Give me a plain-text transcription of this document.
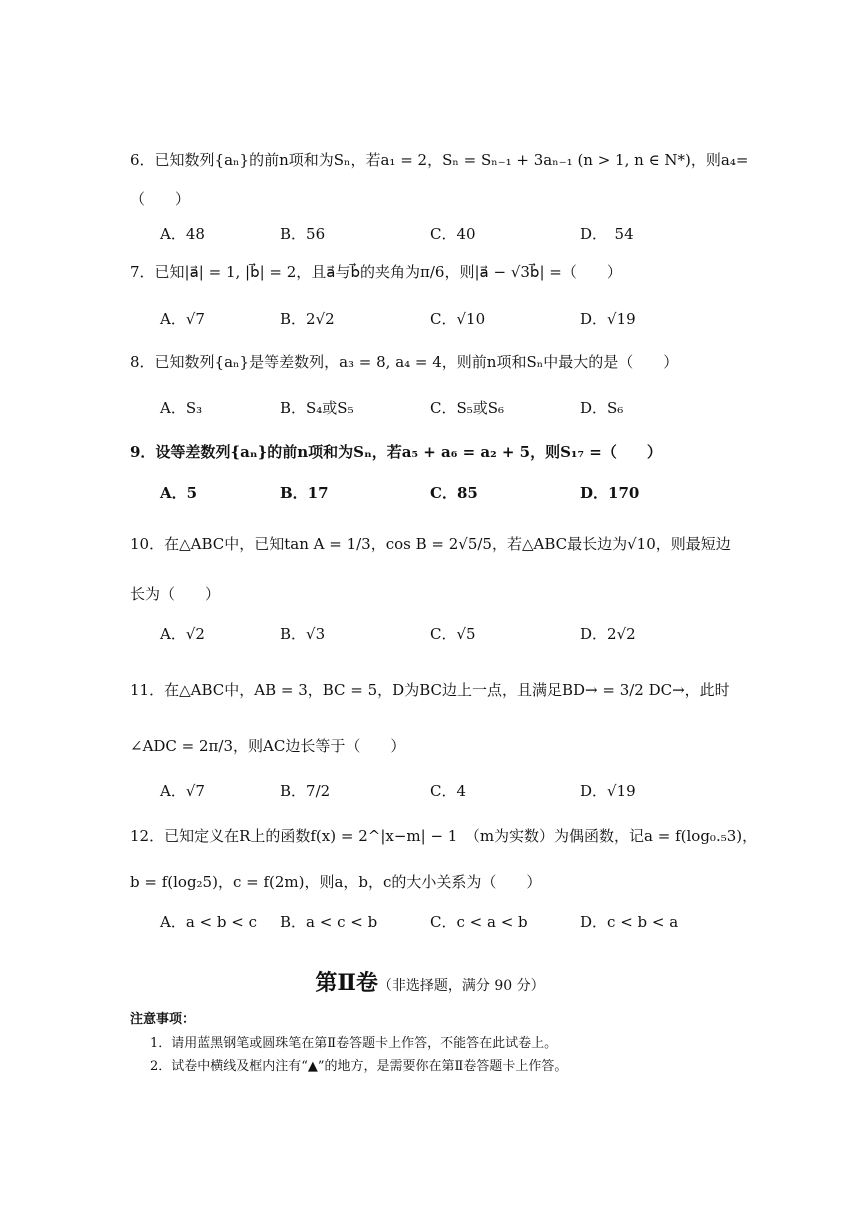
6．已知数列{aₙ}的前n项和为Sₙ，若a₁ = 2，Sₙ = Sₙ₋₁ + 3aₙ₋₁ (n > 1, n ∈ N*)，则a₄=
（　　）
A．48	B．56	C．40	D．　54
7．已知|a⃗| = 1, |b⃗| = 2，且a⃗与b⃗的夹角为π/6，则|a⃗ − √3b⃗| =（　　）
A．√7	B．2√2	C．√10	D．√19
8．已知数列{aₙ}是等差数列，a₃ = 8, a₄ = 4，则前n项和Sₙ中最大的是（　　）
A．S₃	B．S₄或S₅	C．S₅或S₆	D．S₆
9．设等差数列{aₙ}的前n项和为Sₙ，若a₅ + a₆ = a₂ + 5，则S₁₇ =（　　）
A．5	B．17	C．85	D．170
10．在△ABC中，已知tan A = 1/3，cos B = 2√5/5，若△ABC最长边为√10，则最短边
长为（　　）
A．√2	B．√3	C．√5	D．2√2
11．在△ABC中，AB = 3，BC = 5，D为BC边上一点，且满足BD→ = 3/2 DC→，此时
∠ADC = 2π/3，则AC边长等于（　　）
A．√7	B．7/2	C．4	D．√19
12．已知定义在R上的函数f(x) = 2^|x−m| − 1　（m为实数）为偶函数，记a = f(log₀.₅3)，
b = f(log₂5)，c = f(2m)，则a，b，c的大小关系为（　　）
A．a < b < c B．a < c < b	C．c < a < b	D．c < b < a
第Ⅱ卷（非选择题，满分 90 分）
注意事项：
1．请用蓝黑钢笔或圆珠笔在第Ⅱ卷答题卡上作答，不能答在此试卷上。
2．试卷中横线及框内注有“▲”的地方，是需要你在第Ⅱ卷答题卡上作答。
